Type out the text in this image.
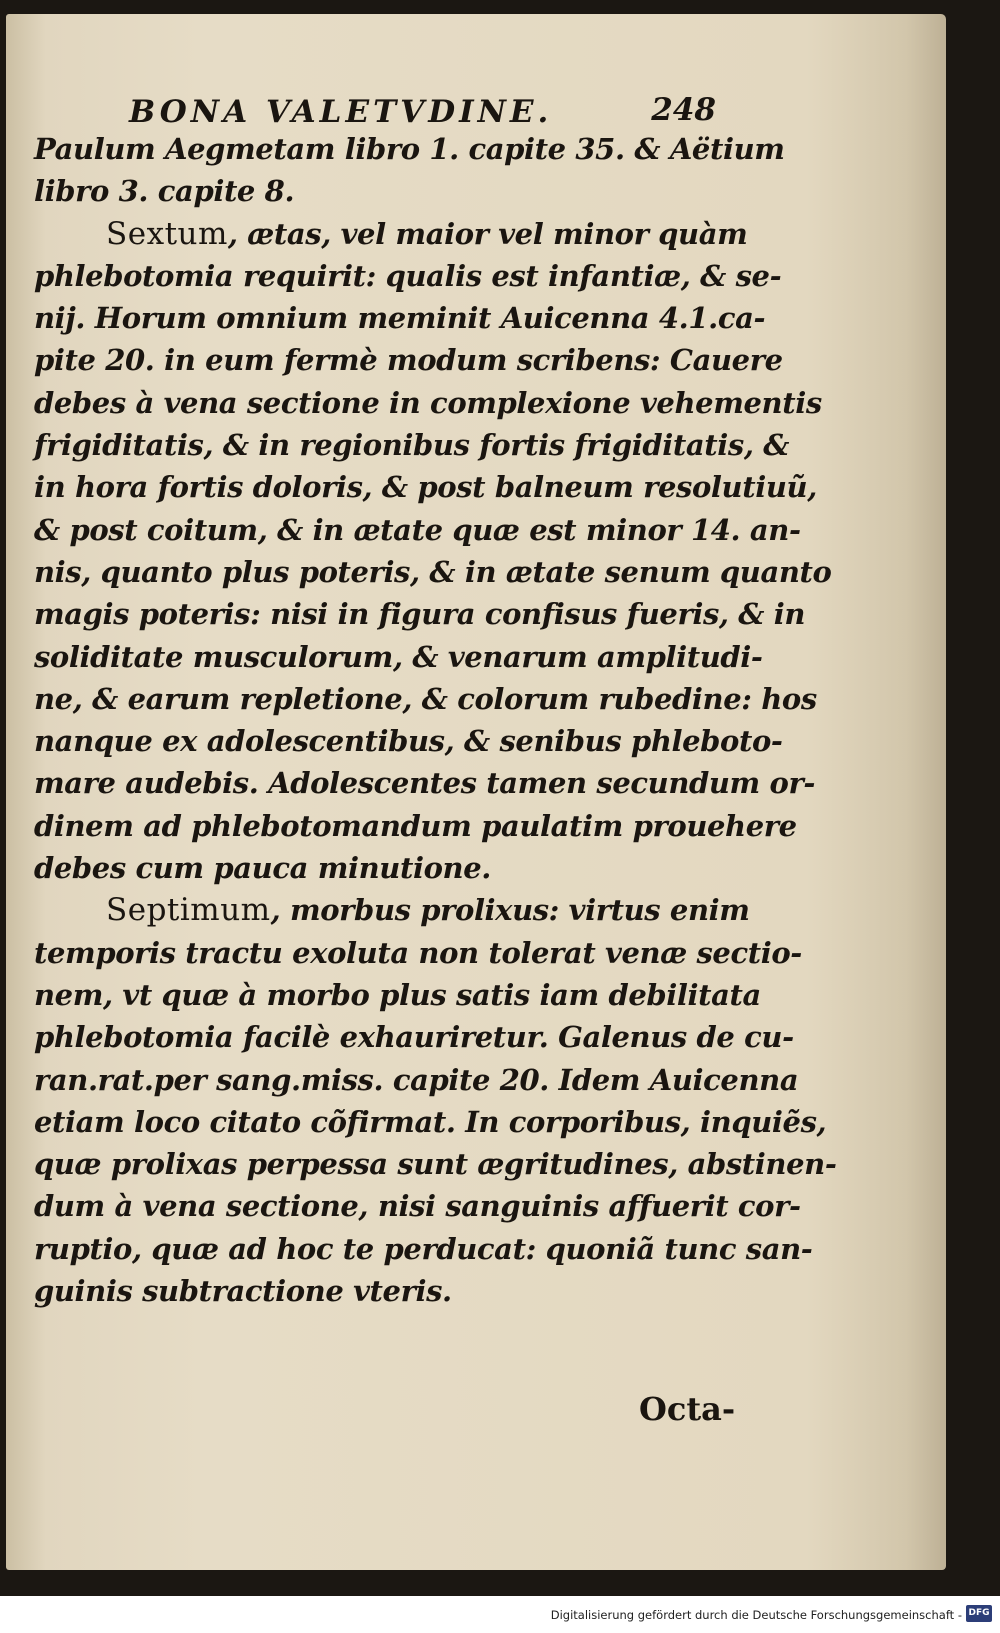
BONA VALETVDINE.	248
Paulum Aegmetam libro 1. capite 35. & Aëtium
libro 3. capite 8.
Sextum, ætas, vel maior vel minor quàm
phlebotomia requirit: qualis est infantiæ, & se-
nij. Horum omnium meminit Auicenna 4.1.ca-
pite 20. in eum fermè modum scribens: Cauere
debes à vena sectione in complexione vehementis
frigiditatis, & in regionibus fortis frigiditatis, &
in hora fortis doloris, & post balneum resolutiuũ,
& post coitum, & in ætate quæ est minor 14. an-
nis, quanto plus poteris, & in ætate senum quanto
magis poteris: nisi in figura confisus fueris, & in
soliditate musculorum, & venarum amplitudi-
ne, & earum repletione, & colorum rubedine: hos
nanque ex adolescentibus, & senibus phleboto-
mare audebis. Adolescentes tamen secundum or-
dinem ad phlebotomandum paulatim prouehere
debes cum pauca minutione.
Septimum, morbus prolixus: virtus enim
temporis tractu exoluta non tolerat venæ sectio-
nem, vt quæ à morbo plus satis iam debilitata
phlebotomia facilè exhauriretur. Galenus de cu-
ran.rat.per sang.miss. capite 20. Idem Auicenna
etiam loco citato cõfirmat. In corporibus, inquiẽs,
quæ prolixas perpessa sunt ægritudines, abstinen-
dum à vena sectione, nisi sanguinis affuerit cor-
ruptio, quæ ad hoc te perducat: quoniã tunc san-
guinis subtractione vteris.
Octa-
Digitalisierung gefördert durch die Deutsche Forschungsgemeinschaft - DFG
